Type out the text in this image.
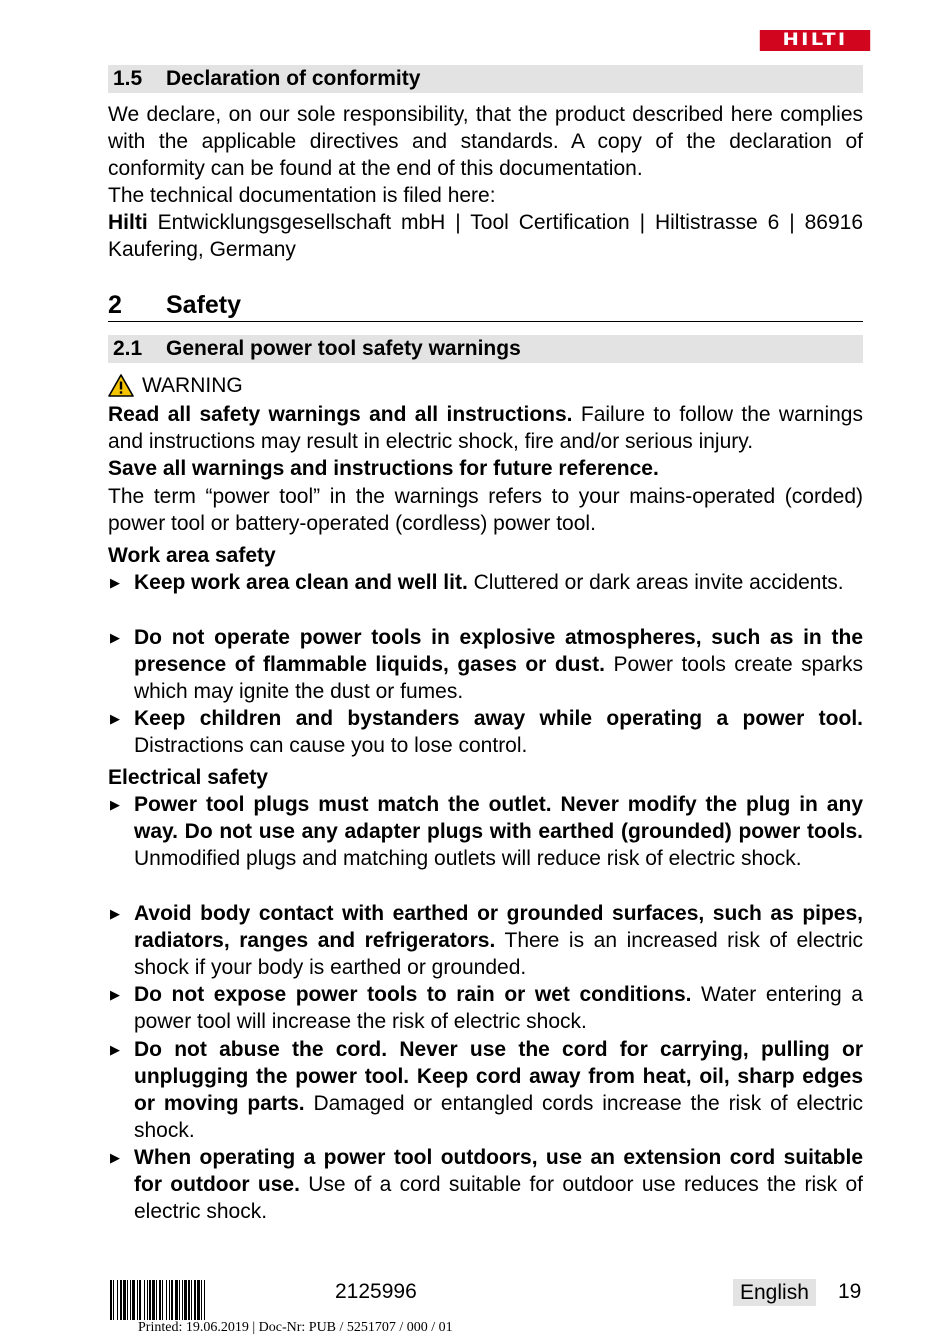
HILTI
1.5 Declaration of conformity

We declare, on our sole responsibility, that the product described here complies with the applicable directives and standards. A copy of the declaration of conformity can be found at the end of this documentation.

The technical documentation is filed here:

Hilti Entwicklungsgesellschaft mbH | Tool Certification | Hiltistrasse 6 | 86916 Kaufering, Germany

2 Safety
2.1 General power tool safety warnings
WARNING

Read all safety warnings and all instructions. Failure to follow the warnings and instructions may result in electric shock, fire and/or serious injury.

Save all warnings and instructions for future reference.

The term “power tool” in the warnings refers to your mains-operated (corded) power tool or battery-operated (cordless) power tool.

Work area safety
▶ Keep work area clean and well lit. Cluttered or dark areas invite accidents.

▶ Do not operate power tools in explosive atmospheres, such as in the presence of flammable liquids, gases or dust. Power tools create sparks which may ignite the dust or fumes.

▶ Keep children and bystanders away while operating a power tool. Distractions can cause you to lose control.

Electrical safety
▶ Power tool plugs must match the outlet. Never modify the plug in any way. Do not use any adapter plugs with earthed (grounded) power tools. Unmodified plugs and matching outlets will reduce risk of electric shock.

▶ Avoid body contact with earthed or grounded surfaces, such as pipes, radiators, ranges and refrigerators. There is an increased risk of electric shock if your body is earthed or grounded.

▶ Do not expose power tools to rain or wet conditions. Water entering a power tool will increase the risk of electric shock.

▶ Do not abuse the cord. Never use the cord for carrying, pulling or unplugging the power tool. Keep cord away from heat, oil, sharp edges or moving parts. Damaged or entangled cords increase the risk of electric shock.

▶ When operating a power tool outdoors, use an extension cord suitable for outdoor use. Use of a cord suitable for outdoor use reduces the risk of electric shock.

2125996	English	19
Printed: 19.06.2019 | Doc-Nr: PUB / 5251707 / 000 / 01
